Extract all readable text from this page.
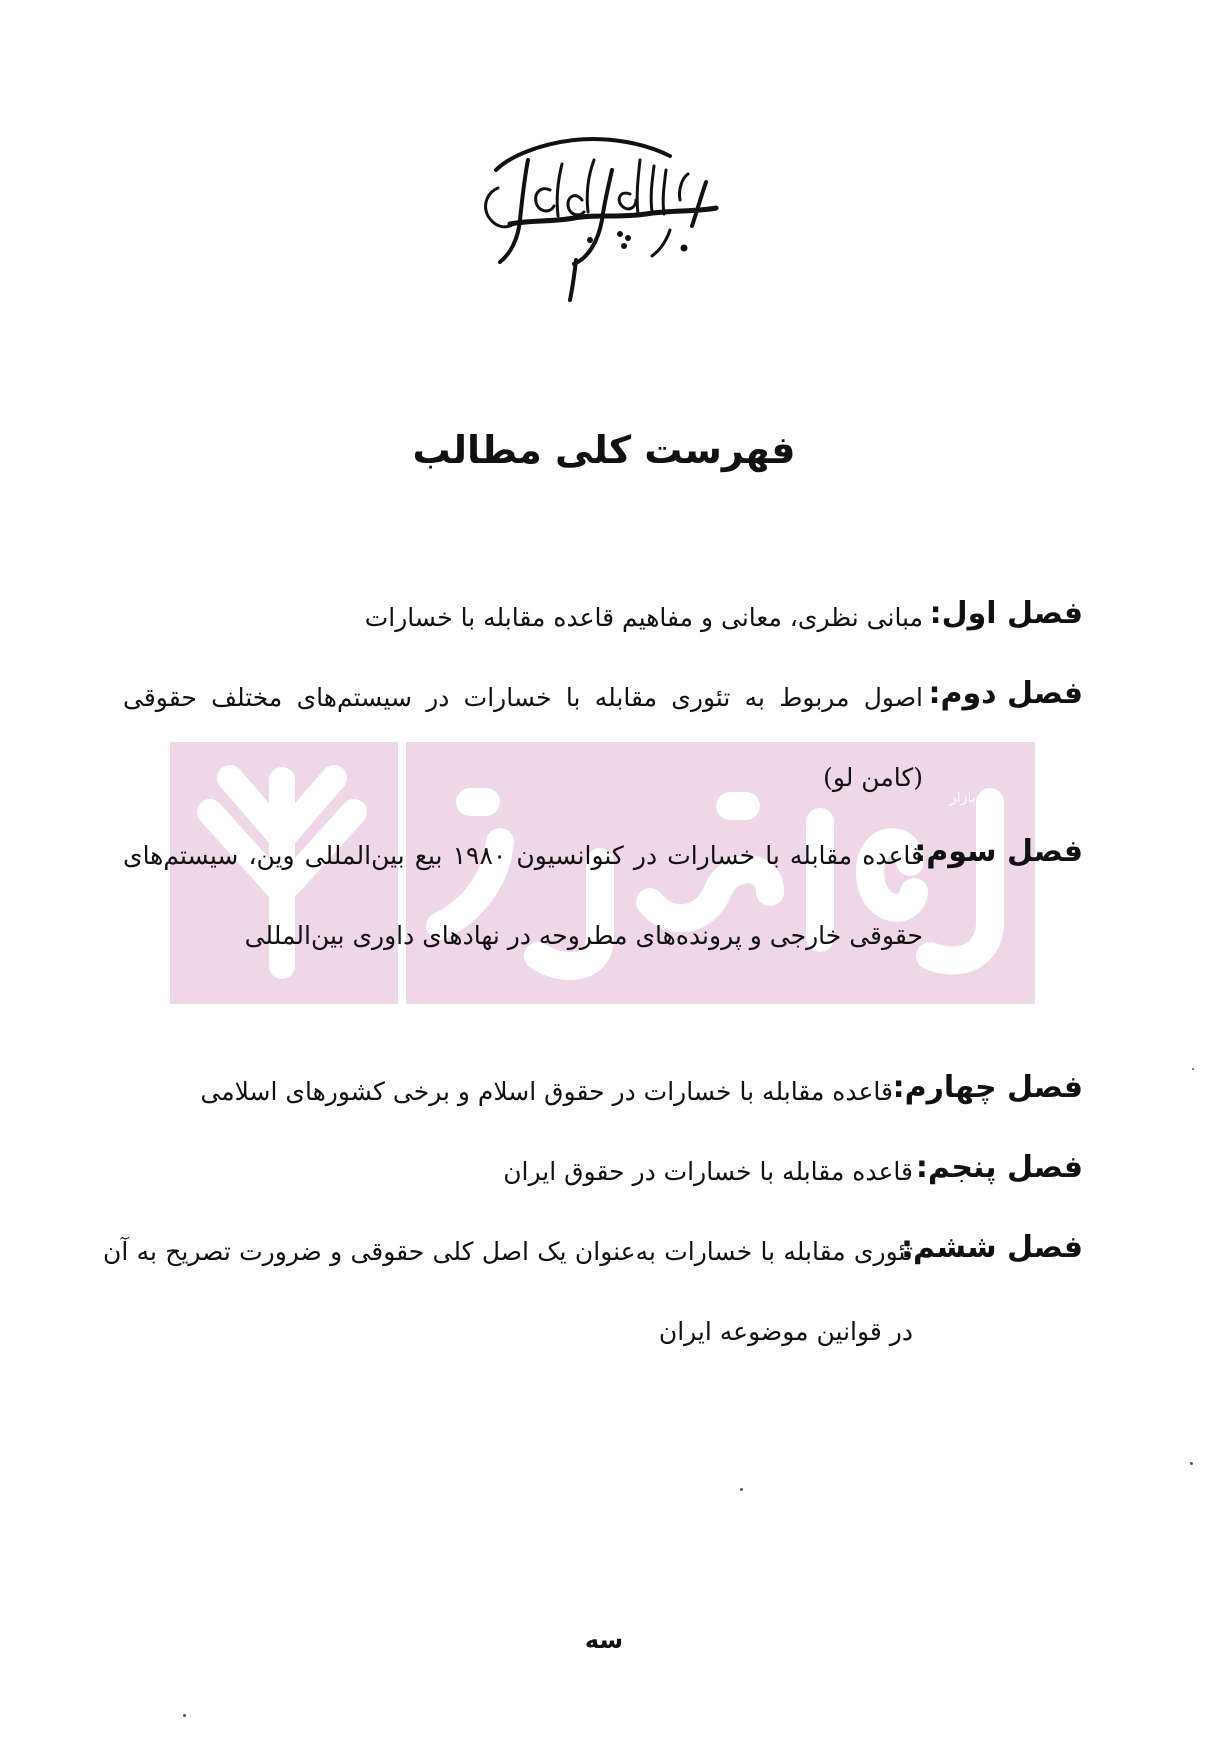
فهرست کلی مطالب
دادبازار
فصل اول:
مبانی نظری، معانی و مفاهیم قاعده مقابله با خسارات
فصل دوم:
اصول مربوط به تئوری مقابله با خسارات در سیستم‌های مختلف حقوقی (کامن لو)
فصل سوم:
قاعده مقابله با خسارات در کنوانسیون ۱۹۸۰ بیع بین‌المللی وین، سیستم‌های حقوقی خارجی و پرونده‌های مطروحه در نهادهای داوری بین‌المللی
فصل چهارم:
قاعده مقابله با خسارات در حقوق اسلام و برخی کشورهای اسلامی
فصل پنجم:
قاعده مقابله با خسارات در حقوق ایران
فصل ششم:
تئوری مقابله با خسارات به‌عنوان یک اصل کلی حقوقی و ضرورت تصریح به آن در قوانین موضوعه ایران
سه
